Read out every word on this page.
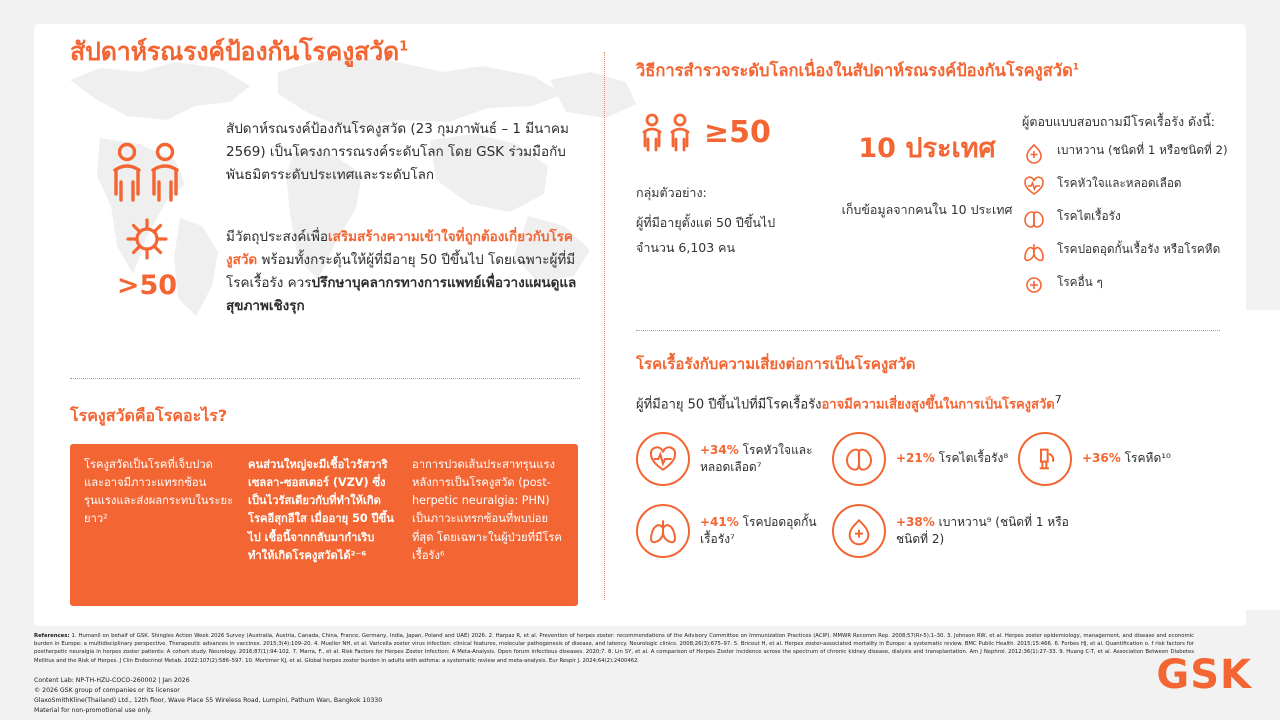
สัปดาห์รณรงค์ป้องกันโรคงูสวัด$^1$
>50

สัปดาห์รณรงค์ป้องกันโรคงูสวัด (23 กุมภาพันธ์ – 1 มีนาคม 2569) เป็นโครงการรณรงค์ระดับโลก โดย GSK ร่วมมือกับพันธมิตรระดับประเทศและระดับโลก

มีวัตถุประสงค์เพื่อเสริมสร้างความเข้าใจที่ถูกต้องเกี่ยวกับโรคงูสวัด พร้อมทั้งกระตุ้นให้ผู้ที่มีอายุ 50 ปีขึ้นไป โดยเฉพาะผู้ที่มีโรคเรื้อรัง ควรปรึกษาบุคลากรทางการแพทย์เพื่อวางแผนดูแลสุขภาพเชิงรุก

โรคงูสวัดคือโรคอะไร?
โรคงูสวัดเป็นโรคที่เจ็บปวด และอาจมีภาวะแทรกซ้อนรุนแรงและส่งผลกระทบในระยะยาว²
คนส่วนใหญ่จะมีเชื้อไวรัสวาริเซลลา-ซอสเตอร์ (VZV) ซึ่งเป็นไวรัสเดียวกับที่ทำให้เกิดโรคอีสุกอีใส เมื่ออายุ 50 ปีขึ้นไป เชื้อนี้จากกลับมากำเริบทำให้เกิดโรคงูสวัดได้²⁻⁶
อาการปวดเส้นประสาทรุนแรงหลังการเป็นโรคงูสวัด (post-herpetic neuralgia: PHN) เป็นภาวะแทรกซ้อนที่พบบ่อยที่สุด โดยเฉพาะในผู้ป่วยที่มีโรคเรื้อรัง⁶
วิธีการสำรวจระดับโลกเนื่องในสัปดาห์รณรงค์ป้องกันโรคงูสวัด$^1$
≥50
กลุ่มตัวอย่าง:
ผู้ที่มีอายุตั้งแต่ 50 ปีขึ้นไป
จำนวน 6,103 คน
10 ประเทศ
เก็บข้อมูลจากคนใน 10 ประเทศ
ผู้ตอบแบบสอบถามมีโรคเรื้อรัง ดังนี้:
เบาหวาน (ชนิดที่ 1 หรือชนิดที่ 2)
โรคหัวใจและหลอดเลือด
โรคไตเรื้อรัง
โรคปอดอุดกั้นเรื้อรัง หรือโรคหืด
โรคอื่น ๆ
โรคเรื้อรังกับความเสี่ยงต่อการเป็นโรคงูสวัด
ผู้ที่มีอายุ 50 ปีขึ้นไปที่มีโรคเรื้อรังอาจมีความเสี่ยงสูงขึ้นในการเป็นโรคงูสวัด$^7$
+34% โรคหัวใจและหลอดเลือด⁷
+21% โรคไตเรื้อรัง⁸	+36% โรคหืด¹⁰
+41% โรคปอดอุดกั้นเรื้อรัง⁷
+38% เบาหวาน⁹ (ชนิดที่ 1 หรือชนิดที่ 2)
References: 1. Humanll on behalf of GSK. Shingles Action Week 2026 Survey (Australia, Austria, Canada, China, France, Germany, India, Japan, Poland and UAE) 2026. 2. Harpaz R, et al. Prevention of herpes zoster: recommendations of the Advisory Committee on Immunization Practices (ACIP). MMWR Recomm Rep. 2008;57(Rr-5):1–30. 3. Johnson RW, et al. Herpes zoster epidemiology, management, and disease and economic burden in Europe: a multidisciplinary perspective. Therapeutic advances in vaccines. 2015;3(4):109–20. 4. Mueller NH, et al. Varicella zoster virus infection: clinical features, molecular pathogenesis of disease, and latency. Neurologic clinics. 2008;26(3):675–97. 5. Bricout H, et al. Herpes zoster-associated mortality in Europe: a systematic review. BMC Public Health. 2015;15:466. 6. Forbes HJ, et al. Quantification o. f risk factors for postherpetic neuralgia in herpes zoster patients: A cohort study. Neurology. 2016;87(1):94-102. 7. Marra, F., et al. Risk Factors for Herpes Zoster Infection: A Meta-Analysis. Open forum infectious diseases. 2020;7. 8. Lin SY, et al. A comparison of Herpes Zoster incidence across the spectrum of chronic kidney disease, dialysis and transplantation. Am J Nephrol. 2012:36(1):27–33. 9. Huang C-T, et al. Association Between Diabetes Mellitus and the Risk of Herpes. J Clin Endocrinol Metab. 2022;107(2):586–597. 10. Mortimer KJ, et al. Global herpes zoster burden in adults with asthma: a systematic review and meta-analysis. Eur Respir J. 2024;64(2):2400462.
Content Lab: NP-TH-HZU-COCO-260002 | Jan 2026
© 2026 GSK group of companies or its licensor
GlaxoSmithKline(Thailand) Ltd., 12th floor, Wave Place 55 Wireless Road, Lumpini, Pathum Wan, Bangkok 10330
Material for non-promotional use only.
GSK
